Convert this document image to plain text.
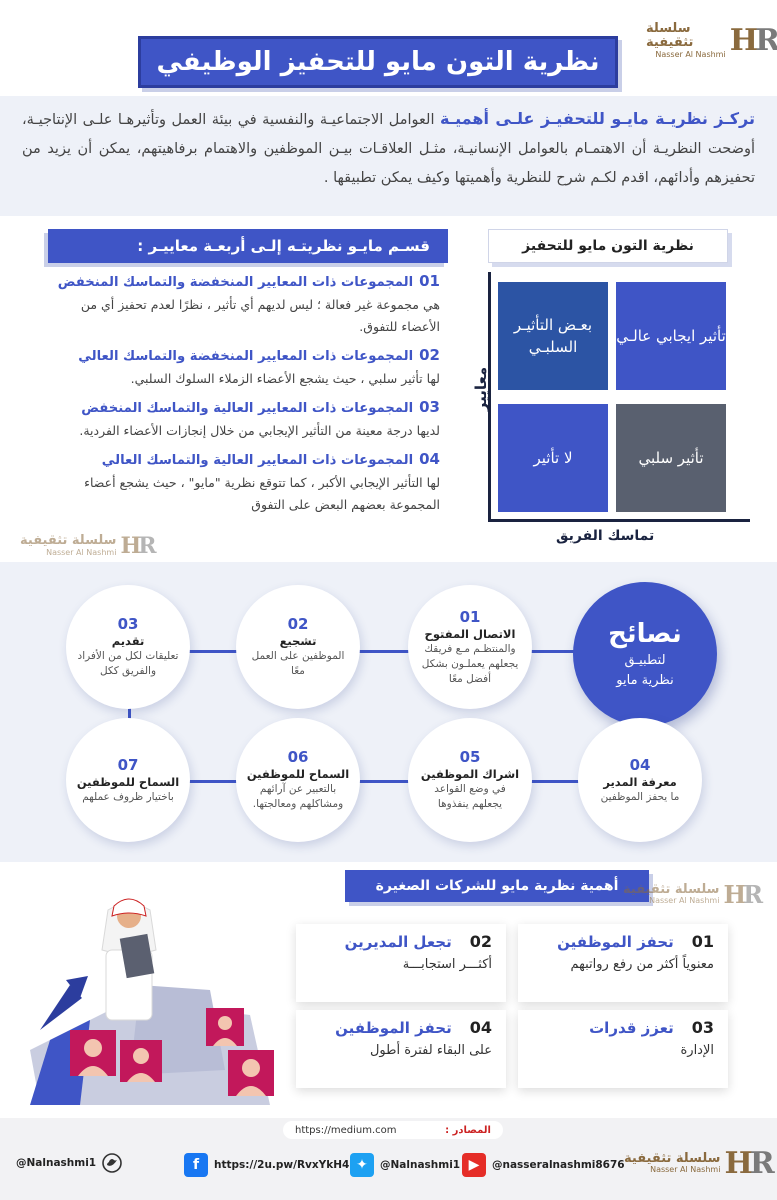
سلسلة تثقيفية
Nasser Al Nashmi HR
نظرية التون مايو للتحفيز الوظيفي
تركـز نظريـة مايـو للتحفيـز علـى أهميـة العوامل الاجتماعيـة والنفسية في بيئة العمل وتأثيرهـا علـى الإنتاجيـة، أوضحت النظريـة أن الاهتمـام بالعوامل الإنسانيـة، مثـل العلاقـات بيـن الموظفين والاهتمام برفاهيتهم، يمكن أن يزيد من تحفيزهم وأدائهم، اقدم لكـم شرح للنظرية وأهميتها وكيف يمكن تطبيقها .
قسـم مايـو نظريتـه إلـى أربعـة معاييـر :
01المجموعات ذات المعايير المنخفضة والتماسك المنخفض
هي مجموعة غير فعالة ؛ ليس لديهم أي تأثير ، نظرًا لعدم تحفيز أي من الأعضاء للتفوق.
02المجموعات ذات المعايير المنخفضة والتماسك العالي
لها تأثير سلبي ، حيث يشجع الأعضاء الزملاء السلوك السلبي.
03المجموعات ذات المعايير العالية والتماسك المنخفض
لديها درجة معينة من التأثير الإيجابي من خلال إنجازات الأعضاء الفردية.
04المجموعات ذات المعايير العالية والتماسك العالي
لها التأثير الإيجابي الأكبر ، كما تتوقع نظرية "مايو" ، حيث يشجع أعضاء المجموعة بعضهم البعض على التفوق
سلسلة تثقيفية
Nasser Al Nashmi HR
نظرية التون مايو للتحفيز
معايير
تماسك الفريق
تأثير ايجابي عالـي
بعـض التأثيـر السلبـي
لا تأثير	تأثير سلبي
نصائح
لتطبيـق
نظرية مايو
01
الاتصال المفتوح
والمنتظـم مـع فريقك يجعلهم يعملـون بشكل أفضل معًا
02
تشجيع
الموظفين على العمل معًا
03
تقديم
تعليقات لكل من الأفراد والفريق ككل
04
معرفة المدير
ما يحفز الموظفين
05
اشراك الموظفين
في وضع القواعد يجعلهم ينفذوها
06
السماح للموظفين
بالتعبير عن آرائهم ومشاكلهم ومعالجتها.
07
السماح للموظفين
باختيار ظروف عملهم
أهمية نظرية مايو للشركات الصغيرة سلسلة تثقيفية
Nasser Al Nashmi HR
01
تحفز الموظفين
معنوياً أكثر من رفع رواتبهم
02
تجعل المديرين
أكثـــر استجابـــة
03
تعزز قدرات
الإدارة
04
تحفز الموظفين
على البقاء لفترة أطول
https://medium.com	المصادر :
@Nalnashmi1	f	https://2u.pw/RvxYkH4 ✦	@Nalnashmi1 ▶	@nasseralnashmi8676 سلسلة تثقيفية
Nasser Al Nashmi HR
